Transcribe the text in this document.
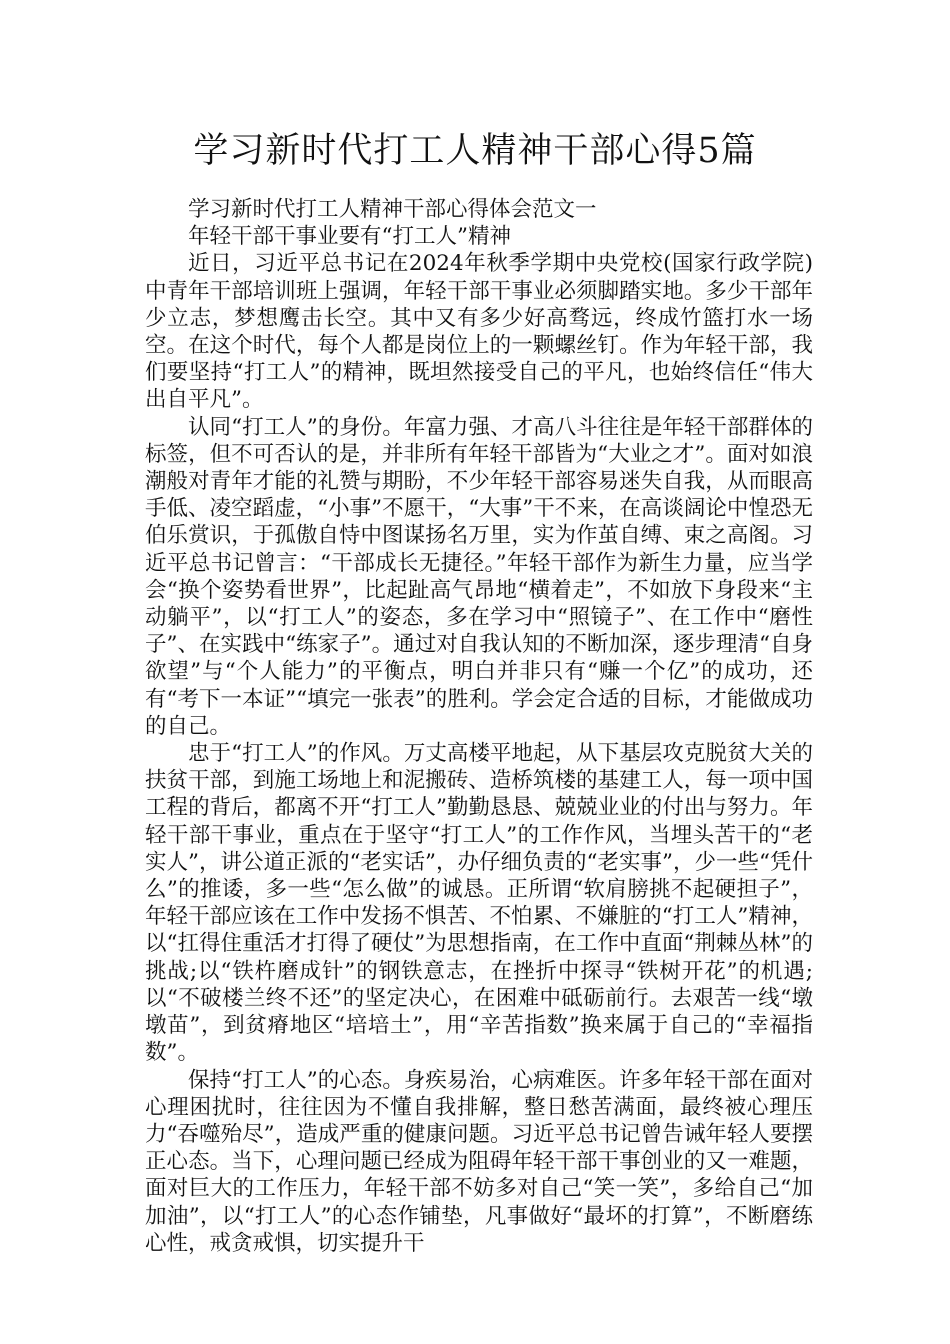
学习新时代打工人精神干部心得5篇

学习新时代打工人精神干部心得体会范文一

年轻干部干事业要有“打工人”精神

近日，习近平总书记在2024年秋季学期中央党校(国家行政学院)中青年干部培训班上强调，年轻干部干事业必须脚踏实地。多少干部年少立志，梦想鹰击长空。其中又有多少好高骛远，终成竹篮打水一场空。在这个时代，每个人都是岗位上的一颗螺丝钉。作为年轻干部，我们要坚持“打工人”的精神，既坦然接受自己的平凡，也始终信任“伟大出自平凡”。

认同“打工人”的身份。年富力强、才高八斗往往是年轻干部群体的标签，但不可否认的是，并非所有年轻干部皆为“大业之才”。面对如浪潮般对青年才能的礼赞与期盼，不少年轻干部容易迷失自我，从而眼高手低、凌空蹈虚，“小事”不愿干，“大事”干不来，在高谈阔论中惶恐无伯乐赏识，于孤傲自恃中图谋扬名万里，实为作茧自缚、束之高阁。习近平总书记曾言：“干部成长无捷径。”年轻干部作为新生力量，应当学会“换个姿势看世界”，比起趾高气昂地“横着走”，不如放下身段来“主动躺平”，以“打工人”的姿态，多在学习中“照镜子”、在工作中“磨性子”、在实践中“练家子”。通过对自我认知的不断加深，逐步理清“自身欲望”与“个人能力”的平衡点，明白并非只有“赚一个亿”的成功，还有“考下一本证”“填完一张表”的胜利。学会定合适的目标，才能做成功的自己。

忠于“打工人”的作风。万丈高楼平地起，从下基层攻克脱贫大关的扶贫干部，到施工场地上和泥搬砖、造桥筑楼的基建工人，每一项中国工程的背后，都离不开“打工人”勤勤恳恳、兢兢业业的付出与努力。年轻干部干事业，重点在于坚守“打工人”的工作作风，当埋头苦干的“老实人”，讲公道正派的“老实话”，办仔细负责的“老实事”，少一些“凭什么”的推诿，多一些“怎么做”的诚恳。正所谓“软肩膀挑不起硬担子”，年轻干部应该在工作中发扬不惧苦、不怕累、不嫌脏的“打工人”精神，以“扛得住重活才打得了硬仗”为思想指南，在工作中直面“荆棘丛林”的挑战;以“铁杵磨成针”的钢铁意志，在挫折中探寻“铁树开花”的机遇;以“不破楼兰终不还”的坚定决心，在困难中砥砺前行。去艰苦一线“墩墩苗”，到贫瘠地区“培培土”，用“辛苦指数”换来属于自己的“幸福指数”。

保持“打工人”的心态。身疾易治，心病难医。许多年轻干部在面对心理困扰时，往往因为不懂自我排解，整日愁苦满面，最终被心理压力“吞噬殆尽”，造成严重的健康问题。习近平总书记曾告诫年轻人要摆正心态。当下，心理问题已经成为阻碍年轻干部干事创业的又一难题，面对巨大的工作压力，年轻干部不妨多对自己“笑一笑”，多给自己“加加油”，以“打工人”的心态作铺垫，凡事做好“最坏的打算”，不断磨练心性，戒贪戒惧，切实提升干
